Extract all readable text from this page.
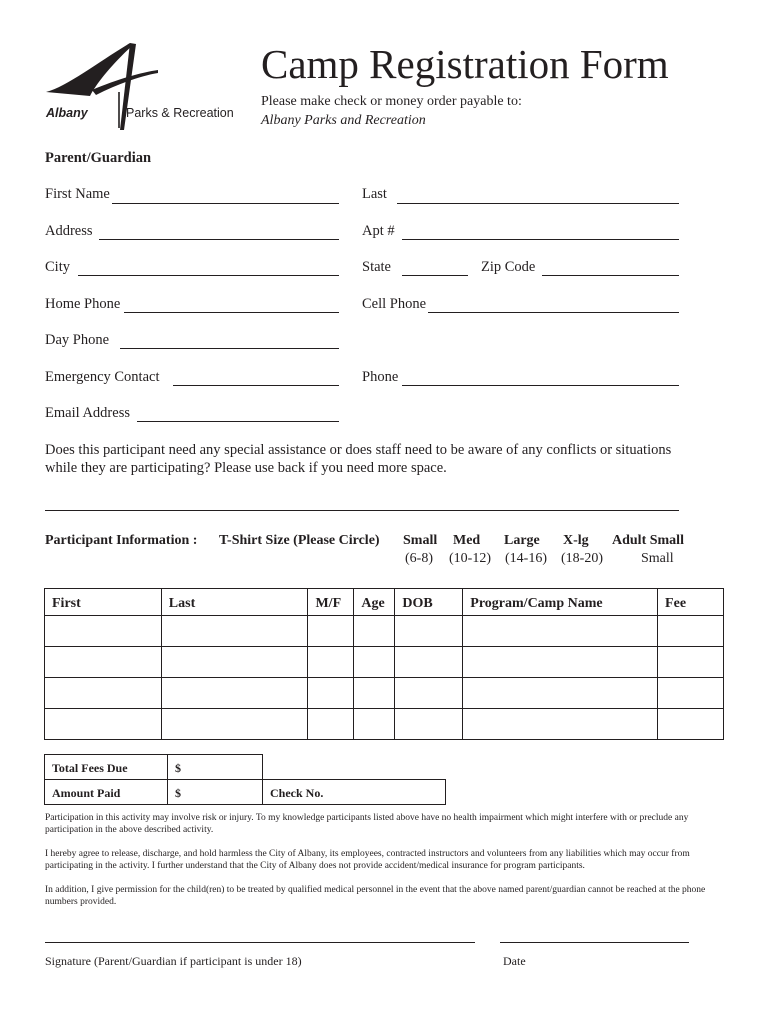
Albany	Parks & Recreation
Camp Registration Form
Please make check or money order payable to:
Albany Parks and Recreation
Parent/Guardian
First Name	Last
Address	Apt #
City	State	Zip Code
Home Phone	Cell Phone
Day Phone
Emergency Contact	Phone
Email Address
Does this participant need any special assistance or does staff need to be aware of any conflicts or situations
while they are participating? Please use back if you need more space.
Participant Information : T-Shirt Size (Please Circle) Small Med Large X-lg Adult Small
(6-8) (10-12) (14-16) (18-20)	Small
First	Last	M/F	Age	DOB	Program/Camp Name	Fee

Total Fees Due	$	
Amount Paid	$	Check No.
Participation in this activity may involve risk or injury. To my knowledge participants listed above have no health impairment which might interfere with or preclude any participation in the above described activity.
I hereby agree to release, discharge, and hold harmless the City of Albany, its employees, contracted instructors and volunteers from any liabilities which may occur from participating in the activity. I further understand that the City of Albany does not provide accident/medical insurance for program participants.
In addition, I give permission for the child(ren) to be treated by qualified medical personnel in the event that the above named parent/guardian cannot be reached at the phone numbers provided.
Signature (Parent/Guardian if participant is under 18)	Date
